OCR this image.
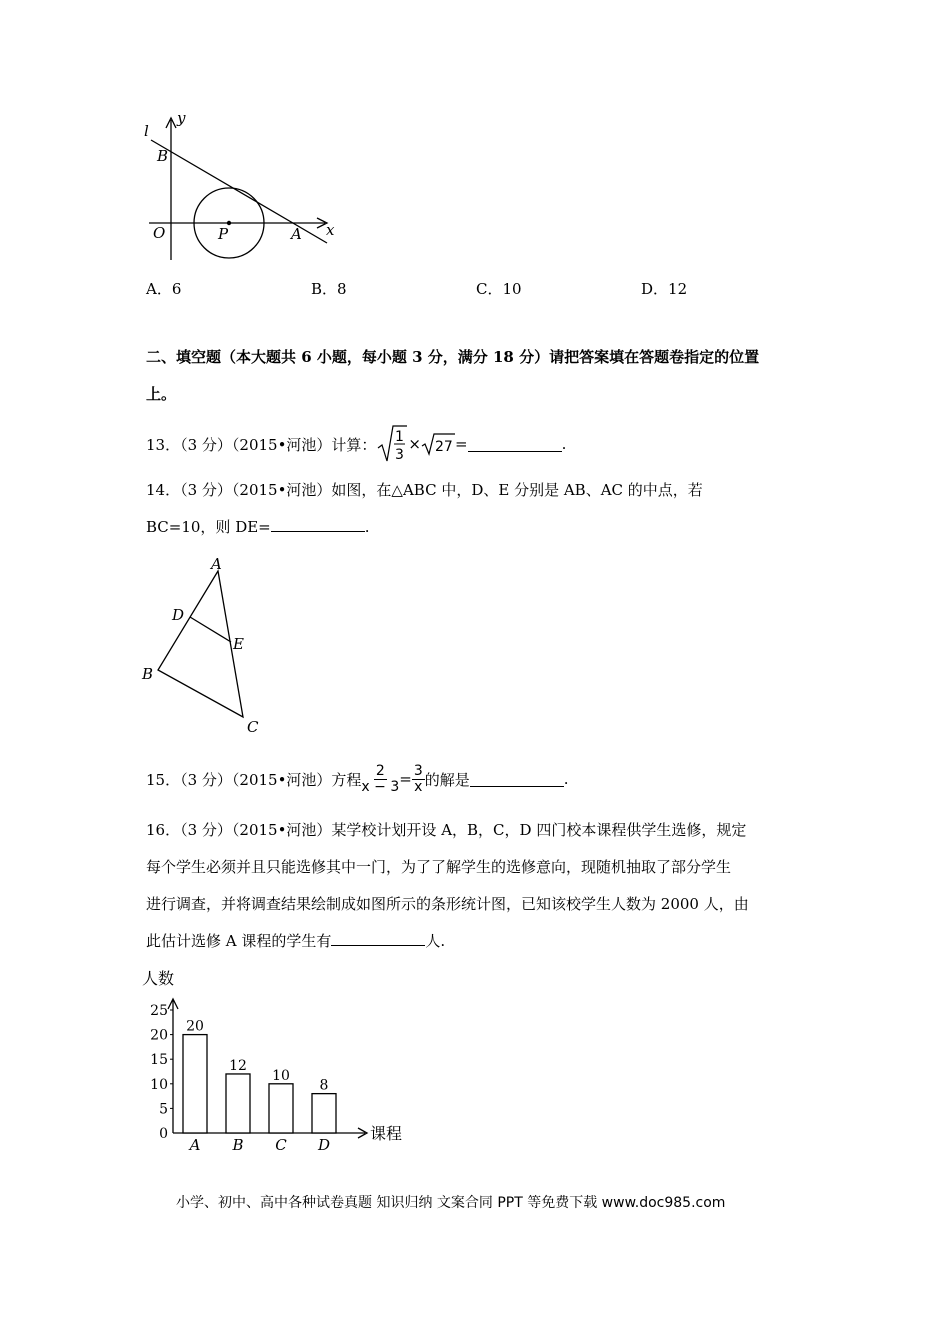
l
y
B
O	P	A x
A．6	B．8	C．10	D．12
二、填空题（本大题共 6 小题，每小题 3 分，满分 18 分）请把答案填在答题卷指定的位置
上。
13．（3 分）（2015•河池）计算： 1
3
× 27 =	.
14．（3 分）（2015•河池）如图，在△ABC 中，D、E 分别是 AB、AC 的中点，若
BC=10，则 DE=	.
A
D
E
B
C
15．（3 分）（2015•河池）方程 $\frac{2}{x - 3} = \frac{3}{x}$ 的解是	.
16．（3 分）（2015•河池）某学校计划开设 A，B，C，D 四门校本课程供学生选修，规定
每个学生必须并且只能选修其中一门，为了了解学生的选修意向，现随机抽取了部分学生
进行调查，并将调查结果绘制成如图所示的条形统计图，已知该校学生人数为 2000 人，由
此估计选修 A 课程的学生有	人.
人数
课程
0
5
10
15
20
25
20
A
12
B
10
C
8
D
小学、初中、高中各种试卷真题 知识归纳 文案合同 PPT 等免费下载 www.doc985.com
